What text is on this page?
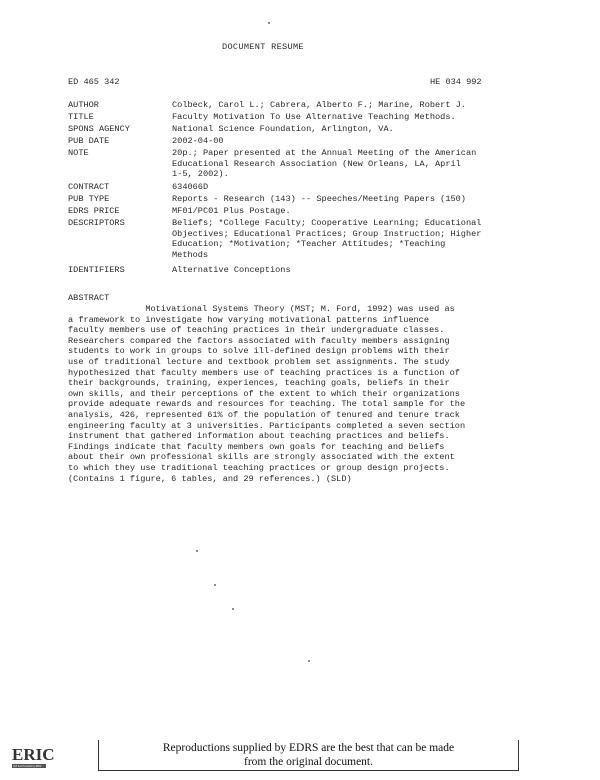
DOCUMENT RESUME
ED 465 342	HE 034 992
AUTHOR	Colbeck, Carol L.; Cabrera, Alberto F.; Marine, Robert J.
TITLE	Faculty Motivation To Use Alternative Teaching Methods.
SPONS AGENCY	National Science Foundation, Arlington, VA.
PUB DATE	2002-04-00
NOTE	20p.; Paper presented at the Annual Meeting of the American
Educational Research Association (New Orleans, LA, April
1-5, 2002).
CONTRACT	634066D
PUB TYPE	Reports - Research (143) -- Speeches/Meeting Papers (150)
EDRS PRICE	MF01/PC01 Plus Postage.
DESCRIPTORS	Beliefs; *College Faculty; Cooperative Learning; Educational
Objectives; Educational Practices; Group Instruction; Higher
Education; *Motivation; *Teacher Attitudes; *Teaching
Methods
IDENTIFIERS	Alternative Conceptions
ABSTRACT
Motivational Systems Theory (MST; M. Ford, 1992) was used as
a framework to investigate how varying motivational patterns influence
faculty members use of teaching practices in their undergraduate classes.
Researchers compared the factors associated with faculty members assigning
students to work in groups to solve ill-defined design problems with their
use of traditional lecture and textbook problem set assignments. The study
hypothesized that faculty members use of teaching practices is a function of
their backgrounds, training, experiences, teaching goals, beliefs in their
own skills, and their perceptions of the extent to which their organizations
provide adequate rewards and resources for teaching. The total sample for the
analysis, 426, represented 61% of the population of tenured and tenure track
engineering faculty at 3 universities. Participants completed a seven section
instrument that gathered information about teaching practices and beliefs.
Findings indicate that faculty members own goals for teaching and beliefs
about their own professional skills are strongly associated with the extent
to which they use traditional teaching practices or group design projects.
(Contains 1 figure, 6 tables, and 29 references.) (SLD)
ERIC
Full Text Provided by ERIC
Reproductions supplied by EDRS are the best that can be made
from the original document.
